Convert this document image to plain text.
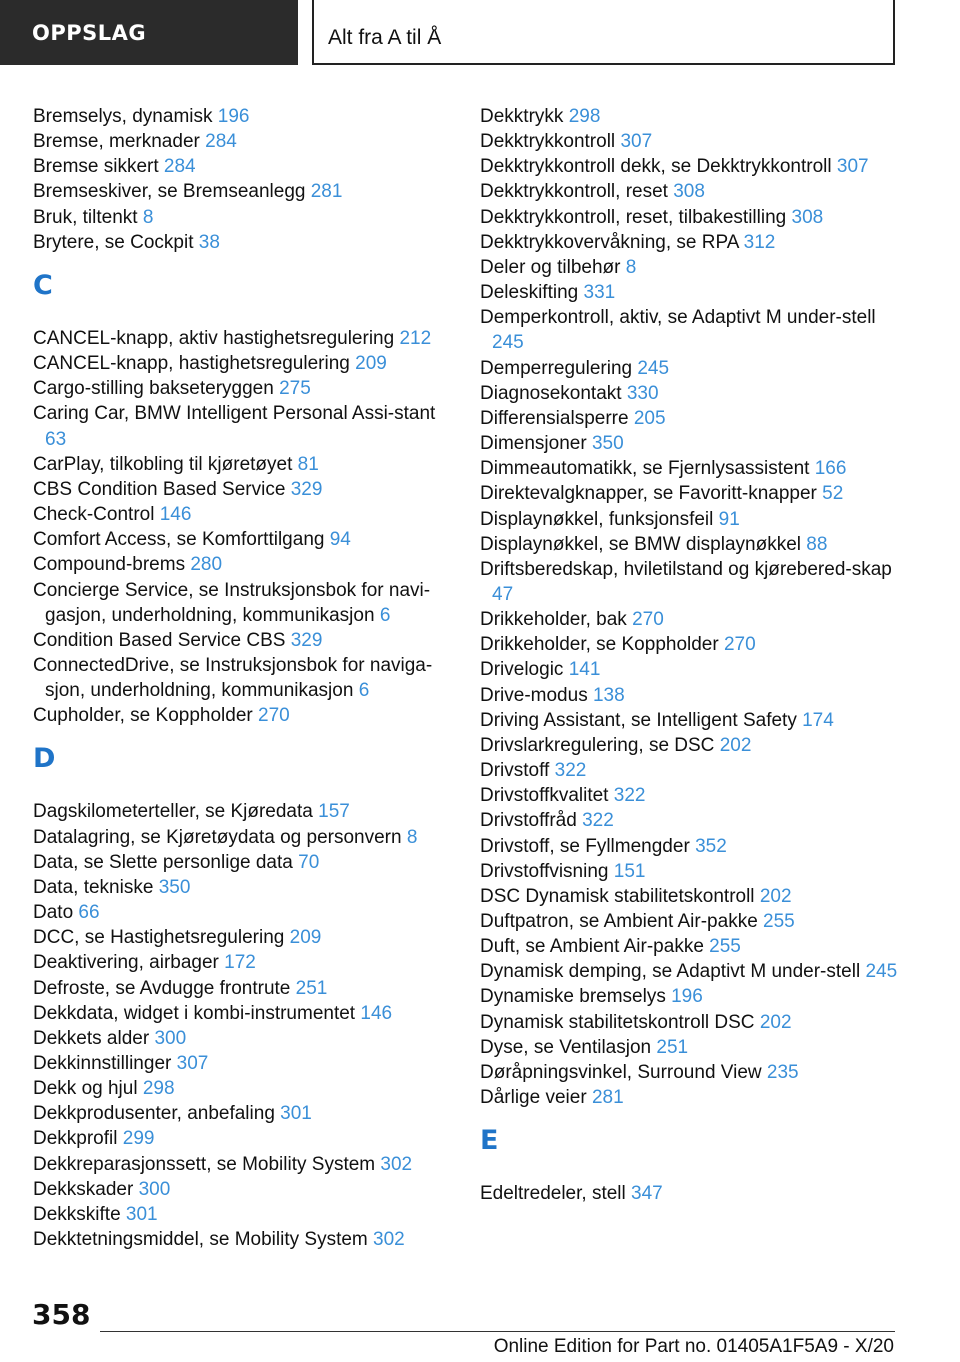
OPPSLAG	Alt fra A til Å
Bremselys, dynamisk 196
Bremse, merknader 284
Bremse sikkert 284
Bremseskiver, se Bremseanlegg 281
Bruk, tiltenkt 8
Brytere, se Cockpit 38
C
CANCEL-knapp, aktiv hastighetsregulering 212
CANCEL-knapp, hastighetsregulering 209
Cargo-stilling bakseteryggen 275
Caring Car, BMW Intelligent Personal Assi-stant 63
CarPlay, tilkobling til kjøretøyet 81
CBS Condition Based Service 329
Check-Control 146
Comfort Access, se Komforttilgang 94
Compound-brems 280
Concierge Service, se Instruksjonsbok for navi-gasjon, underholdning, kommunikasjon 6
Condition Based Service CBS 329
ConnectedDrive, se Instruksjonsbok for naviga-sjon, underholdning, kommunikasjon 6
Cupholder, se Koppholder 270
D
Dagskilometerteller, se Kjøredata 157
Datalagring, se Kjøretøydata og personvern 8
Data, se Slette personlige data 70
Data, tekniske 350
Dato 66
DCC, se Hastighetsregulering 209
Deaktivering, airbager 172
Defroste, se Avdugge frontrute 251
Dekkdata, widget i kombi-instrumentet 146
Dekkets alder 300
Dekkinnstillinger 307
Dekk og hjul 298
Dekkprodusenter, anbefaling 301
Dekkprofil 299
Dekkreparasjonssett, se Mobility System 302
Dekkskader 300
Dekkskifte 301
Dekktetningsmiddel, se Mobility System 302
Dekktrykk 298
Dekktrykkontroll 307
Dekktrykkontroll dekk, se Dekktrykkontroll 307
Dekktrykkontroll, reset 308
Dekktrykkontroll, reset, tilbakestilling 308
Dekktrykkovervåkning, se RPA 312
Deler og tilbehør 8
Deleskifting 331
Demperkontroll, aktiv, se Adaptivt M under-stell 245
Demperregulering 245
Diagnosekontakt 330
Differensialsperre 205
Dimensjoner 350
Dimmeautomatikk, se Fjernlysassistent 166
Direktevalgknapper, se Favoritt-knapper 52
Displaynøkkel, funksjonsfeil 91
Displaynøkkel, se BMW displaynøkkel 88
Driftsberedskap, hviletilstand og kjørebered-skap 47
Drikkeholder, bak 270
Drikkeholder, se Koppholder 270
Drivelogic 141
Drive-modus 138
Driving Assistant, se Intelligent Safety 174
Drivslarkregulering, se DSC 202
Drivstoff 322
Drivstoffkvalitet 322
Drivstoffråd 322
Drivstoff, se Fyllmengder 352
Drivstoffvisning 151
DSC Dynamisk stabilitetskontroll 202
Duftpatron, se Ambient Air-pakke 255
Duft, se Ambient Air-pakke 255
Dynamisk demping, se Adaptivt M under-stell 245
Dynamiske bremselys 196
Dynamisk stabilitetskontroll DSC 202
Dyse, se Ventilasjon 251
Døråpningsvinkel, Surround View 235
Dårlige veier 281
E
Edeltredeler, stell 347
358
Online Edition for Part no. 01405A1F5A9 - X/20
